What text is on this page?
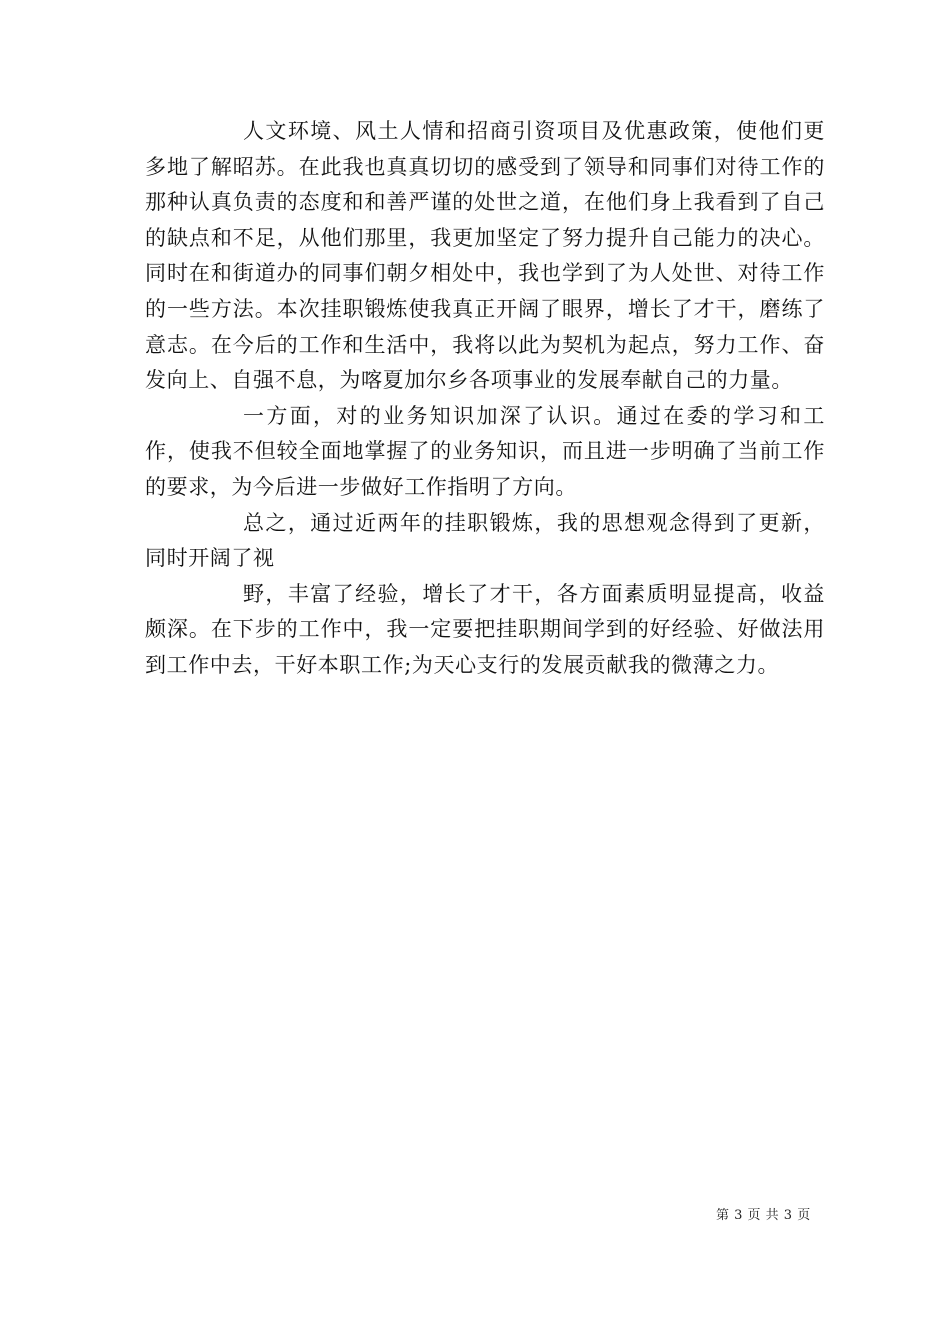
人文环境、风土人情和招商引资项目及优惠政策，使他们更多地了解昭苏。在此我也真真切切的感受到了领导和同事们对待工作的那种认真负责的态度和和善严谨的处世之道，在他们身上我看到了自己的缺点和不足，从他们那里，我更加坚定了努力提升自己能力的决心。同时在和街道办的同事们朝夕相处中，我也学到了为人处世、对待工作的一些方法。本次挂职锻炼使我真正开阔了眼界，增长了才干，磨练了意志。在今后的工作和生活中，我将以此为契机为起点，努力工作、奋发向上、自强不息，为喀夏加尔乡各项事业的发展奉献自己的力量。

一方面，对的业务知识加深了认识。通过在委的学习和工作，使我不但较全面地掌握了的业务知识，而且进一步明确了当前工作的要求，为今后进一步做好工作指明了方向。

总之，通过近两年的挂职锻炼，我的思想观念得到了更新，同时开阔了视

野，丰富了经验，增长了才干，各方面素质明显提高，收益颇深。在下步的工作中，我一定要把挂职期间学到的好经验、好做法用到工作中去，干好本职工作;为天心支行的发展贡献我的微薄之力。

第 3 页 共 3 页
